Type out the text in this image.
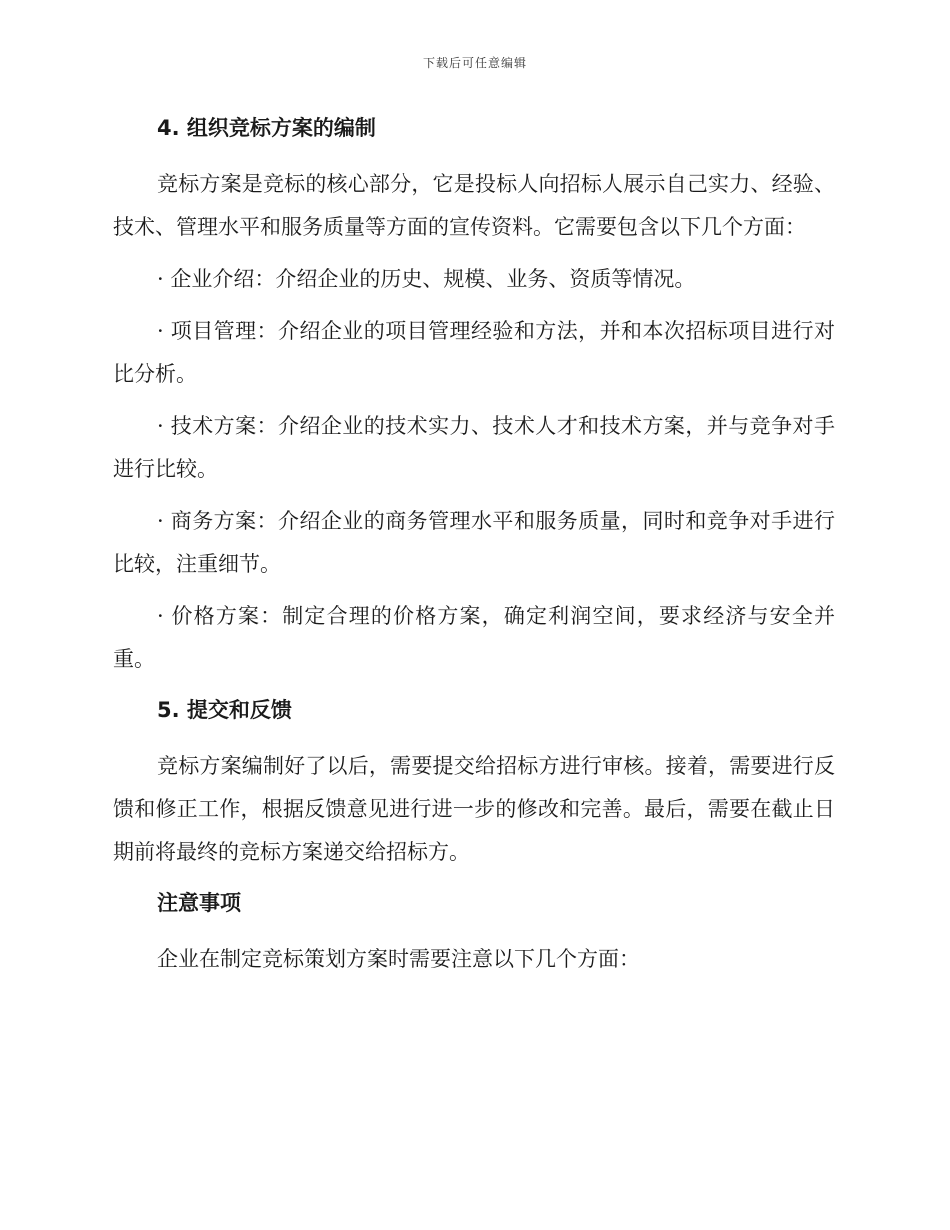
下载后可任意编辑
4. 组织竞标方案的编制

竞标方案是竞标的核心部分，它是投标人向招标人展示自己实力、经验、技术、管理水平和服务质量等方面的宣传资料。它需要包含以下几个方面：

· 企业介绍：介绍企业的历史、规模、业务、资质等情况。

· 项目管理：介绍企业的项目管理经验和方法，并和本次招标项目进行对比分析。

· 技术方案：介绍企业的技术实力、技术人才和技术方案，并与竞争对手进行比较。

· 商务方案：介绍企业的商务管理水平和服务质量，同时和竞争对手进行比较，注重细节。

· 价格方案：制定合理的价格方案，确定利润空间，要求经济与安全并重。

5. 提交和反馈

竞标方案编制好了以后，需要提交给招标方进行审核。接着，需要进行反馈和修正工作，根据反馈意见进行进一步的修改和完善。最后，需要在截止日期前将最终的竞标方案递交给招标方。

注意事项

企业在制定竞标策划方案时需要注意以下几个方面：
